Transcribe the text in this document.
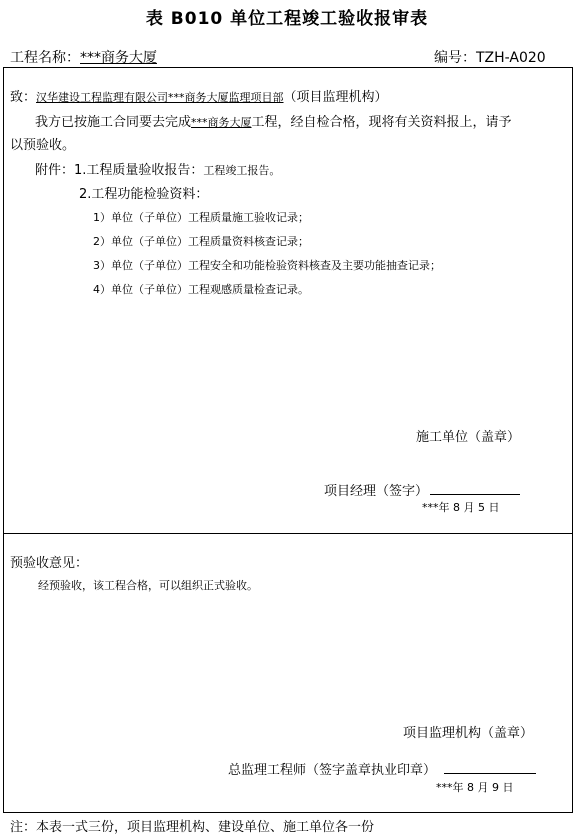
表 B010 单位工程竣工验收报审表
工程名称：***商务大厦	编号：TZH-A020
致：汉华建设工程监理有限公司***商务大厦监理项目部（项目监理机构）
我方已按施工合同要去完成***商务大厦工程，经自检合格，现将有关资料报上，请予
以预验收。
附件：1.工程质量验收报告：工程竣工报告。
2.工程功能检验资料：
1）单位（子单位）工程质量施工验收记录；
2）单位（子单位）工程质量资料核查记录；
3）单位（子单位）工程安全和功能检验资料核查及主要功能抽查记录；
4）单位（子单位）工程观感质量检查记录。
施工单位（盖章）
项目经理（签字）
***年 8 月 5 日
预验收意见：
经预验收，该工程合格，可以组织正式验收。
项目监理机构（盖章）
总监理工程师（签字盖章执业印章）
***年 8 月 9 日
注：本表一式三份，项目监理机构、建设单位、施工单位各一份
